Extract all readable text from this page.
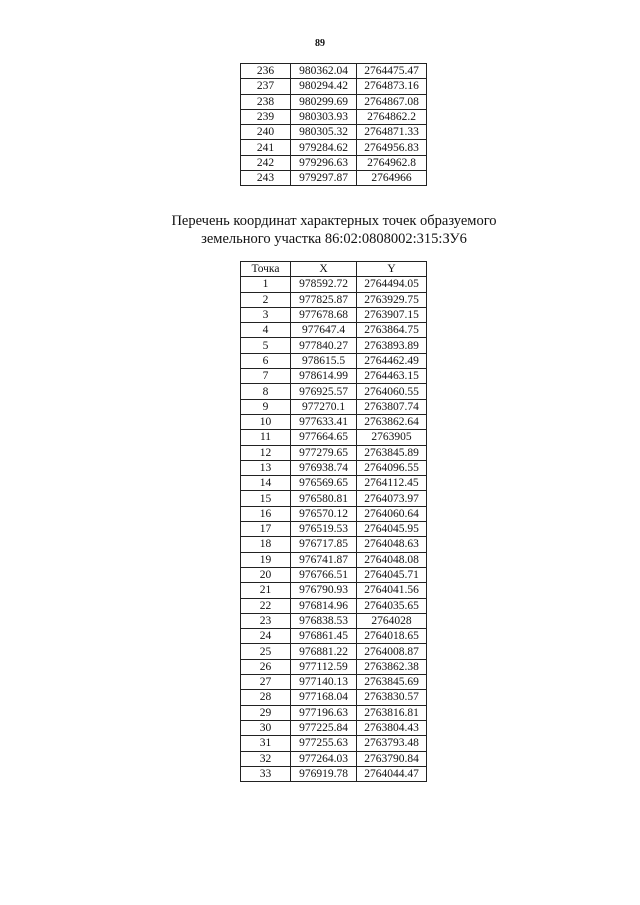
89
236	980362.04	2764475.47
237	980294.42	2764873.16
238	980299.69	2764867.08
239	980303.93	2764862.2
240	980305.32	2764871.33
241	979284.62	2764956.83
242	979296.63	2764962.8
243	979297.87	2764966
Перечень координат характерных точек образуемого
земельного участка 86:02:0808002:315:ЗУ6
Точка	X	Y
1	978592.72	2764494.05
2	977825.87	2763929.75
3	977678.68	2763907.15
4	977647.4	2763864.75
5	977840.27	2763893.89
6	978615.5	2764462.49
7	978614.99	2764463.15
8	976925.57	2764060.55
9	977270.1	2763807.74
10	977633.41	2763862.64
11	977664.65	2763905
12	977279.65	2763845.89
13	976938.74	2764096.55
14	976569.65	2764112.45
15	976580.81	2764073.97
16	976570.12	2764060.64
17	976519.53	2764045.95
18	976717.85	2764048.63
19	976741.87	2764048.08
20	976766.51	2764045.71
21	976790.93	2764041.56
22	976814.96	2764035.65
23	976838.53	2764028
24	976861.45	2764018.65
25	976881.22	2764008.87
26	977112.59	2763862.38
27	977140.13	2763845.69
28	977168.04	2763830.57
29	977196.63	2763816.81
30	977225.84	2763804.43
31	977255.63	2763793.48
32	977264.03	2763790.84
33	976919.78	2764044.47
